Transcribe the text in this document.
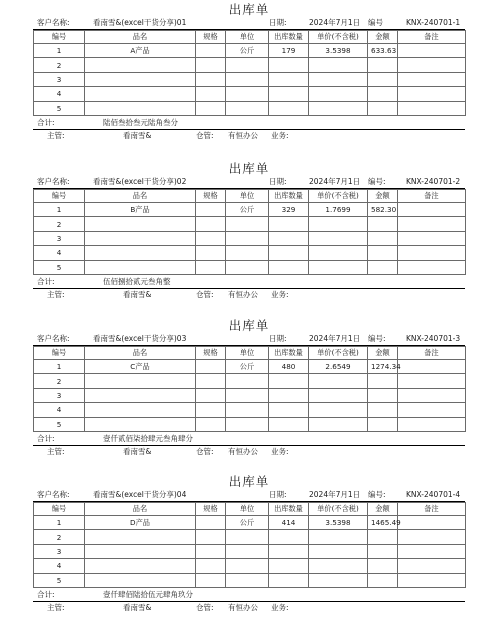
出库单
客户名称:	看南雪&(excel干货分享)01	日期:	2024年7月1日 编号	KNX-240701-1
编号	品名	规格	单位	出库数量	单价(不含税)	金额	备注
1	A产品		公斤	179	3.5398	633.63	
2							
3							
4							
5							
合计:	陆佰叁拾叁元陆角叁分
主管:	看南雪&	仓管: 有恒办公 业务:
出库单
客户名称:	看南雪&(excel干货分享)02	日期:	2024年7月1日 编号:	KNX-240701-2
编号	品名	规格	单位	出库数量	单价(不含税)	金额	备注
1	B产品		公斤	329	1.7699	582.30	
2							
3							
4							
5							
合计:	伍佰捌拾贰元叁角整
主管:	看南雪&	仓管: 有恒办公 业务:
出库单
客户名称:	看南雪&(excel干货分享)03	日期:	2024年7月1日 编号:	KNX-240701-3
编号	品名	规格	单位	出库数量	单价(不含税)	金额	备注
1	C产品		公斤	480	2.6549	1274.34	
2							
3							
4							
5							
合计:	壹仟贰佰柒拾肆元叁角肆分
主管:	看南雪&	仓管: 有恒办公 业务:
出库单
客户名称:	看南雪&(excel干货分享)04	日期:	2024年7月1日 编号:	KNX-240701-4
编号	品名	规格	单位	出库数量	单价(不含税)	金额	备注
1	D产品		公斤	414	3.5398	1465.49	
2							
3							
4							
5							
合计:	壹仟肆佰陆拾伍元肆角玖分
主管:	看南雪&	仓管: 有恒办公 业务:
